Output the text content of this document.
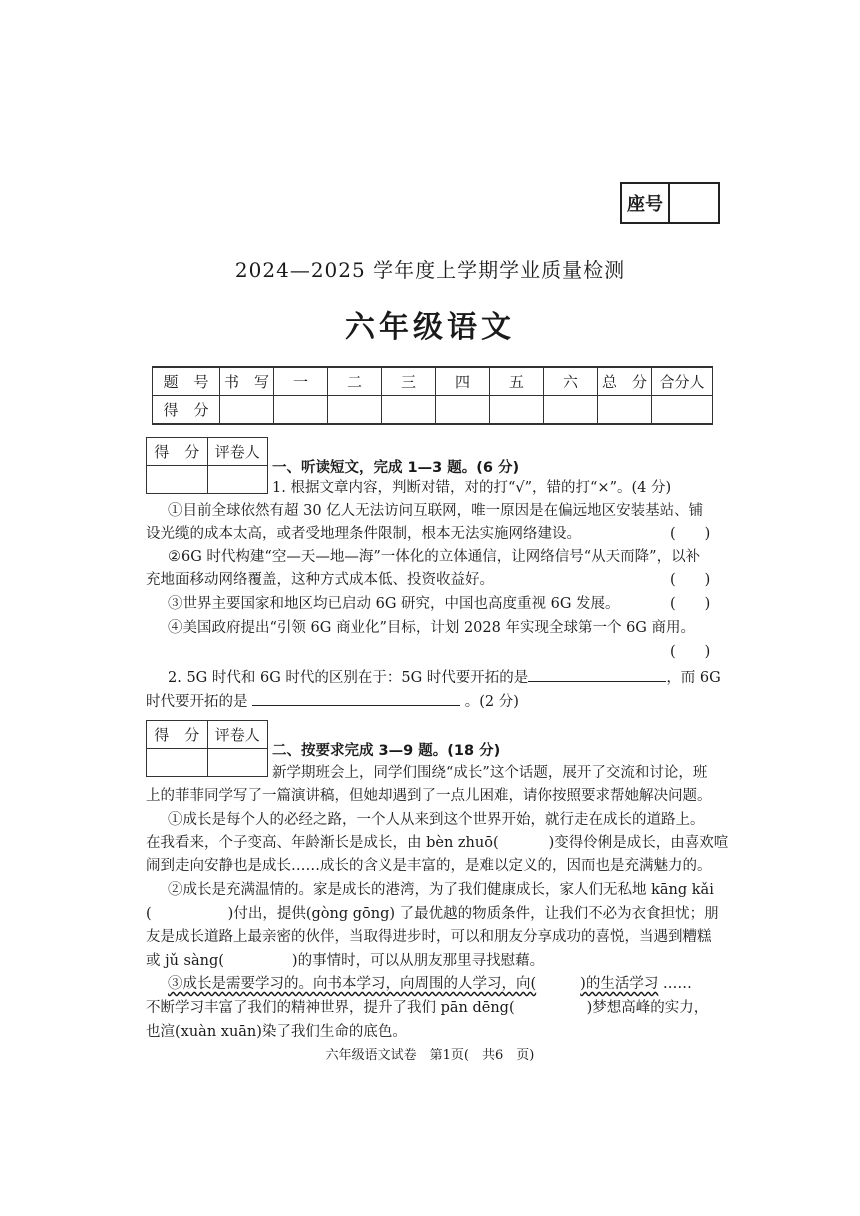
座号
2024—2025 学年度上学期学业质量检测
六年级语文
题　号	书　写	一	二	三	四	五	六	总　分	合分人
得　分									
得　分	评卷人
一、听读短文，完成 1—3 题。(6 分)
1. 根据文章内容，判断对错，对的打“√”，错的打“×”。(4 分)
①目前全球依然有超 30 亿人无法访问互联网，唯一原因是在偏远地区安装基站、铺
设光缆的成本太高，或者受地理条件限制，根本无法实施网络建设。	(　　)
②6G 时代构建“空—天—地—海”一体化的立体通信，让网络信号“从天而降”，以补
充地面移动网络覆盖，这种方式成本低、投资收益好。	(　　)
③世界主要国家和地区均已启动 6G 研究，中国也高度重视 6G 发展。	(　　)
④美国政府提出“引领 6G 商业化”目标，计划 2028 年实现全球第一个 6G 商用。
(　　)
2. 5G 时代和 6G 时代的区别在于：5G 时代要开拓的是	，而 6G
时代要开拓的是	。(2 分)
得　分	评卷人
二、按要求完成 3—9 题。(18 分)
新学期班会上，同学们围绕“成长”这个话题，展开了交流和讨论，班
上的菲菲同学写了一篇演讲稿，但她却遇到了一点儿困难，请你按照要求帮她解决问题。
①成长是每个人的必经之路，一个人从来到这个世界开始，就行走在成长的道路上。
在我看来，个子变高、年龄渐长是成长，由 bèn zhuō(	)变得伶俐是成长，由喜欢喧
闹到走向安静也是成长……成长的含义是丰富的，是难以定义的，因而也是充满魅力的。
②成长是充满温情的。家是成长的港湾，为了我们健康成长，家人们无私地 kāng kǎi
(	)付出，提供(gòng gōng) 了最优越的物质条件，让我们不必为衣食担忧；朋
友是成长道路上最亲密的伙伴，当取得进步时，可以和朋友分享成功的喜悦，当遇到糟糕
或 jǔ sàng(	)的事情时，可以从朋友那里寻找慰藉。
③成长是需要学习的。向书本学习，向周围的人学习，向(	)的生活学习 ……
不断学习丰富了我们的精神世界，提升了我们 pān dēng(	)梦想高峰的实力，
也渲(xuàn xuān)染了我们生命的底色。
六年级语文试卷　第1页(　共6　页)
